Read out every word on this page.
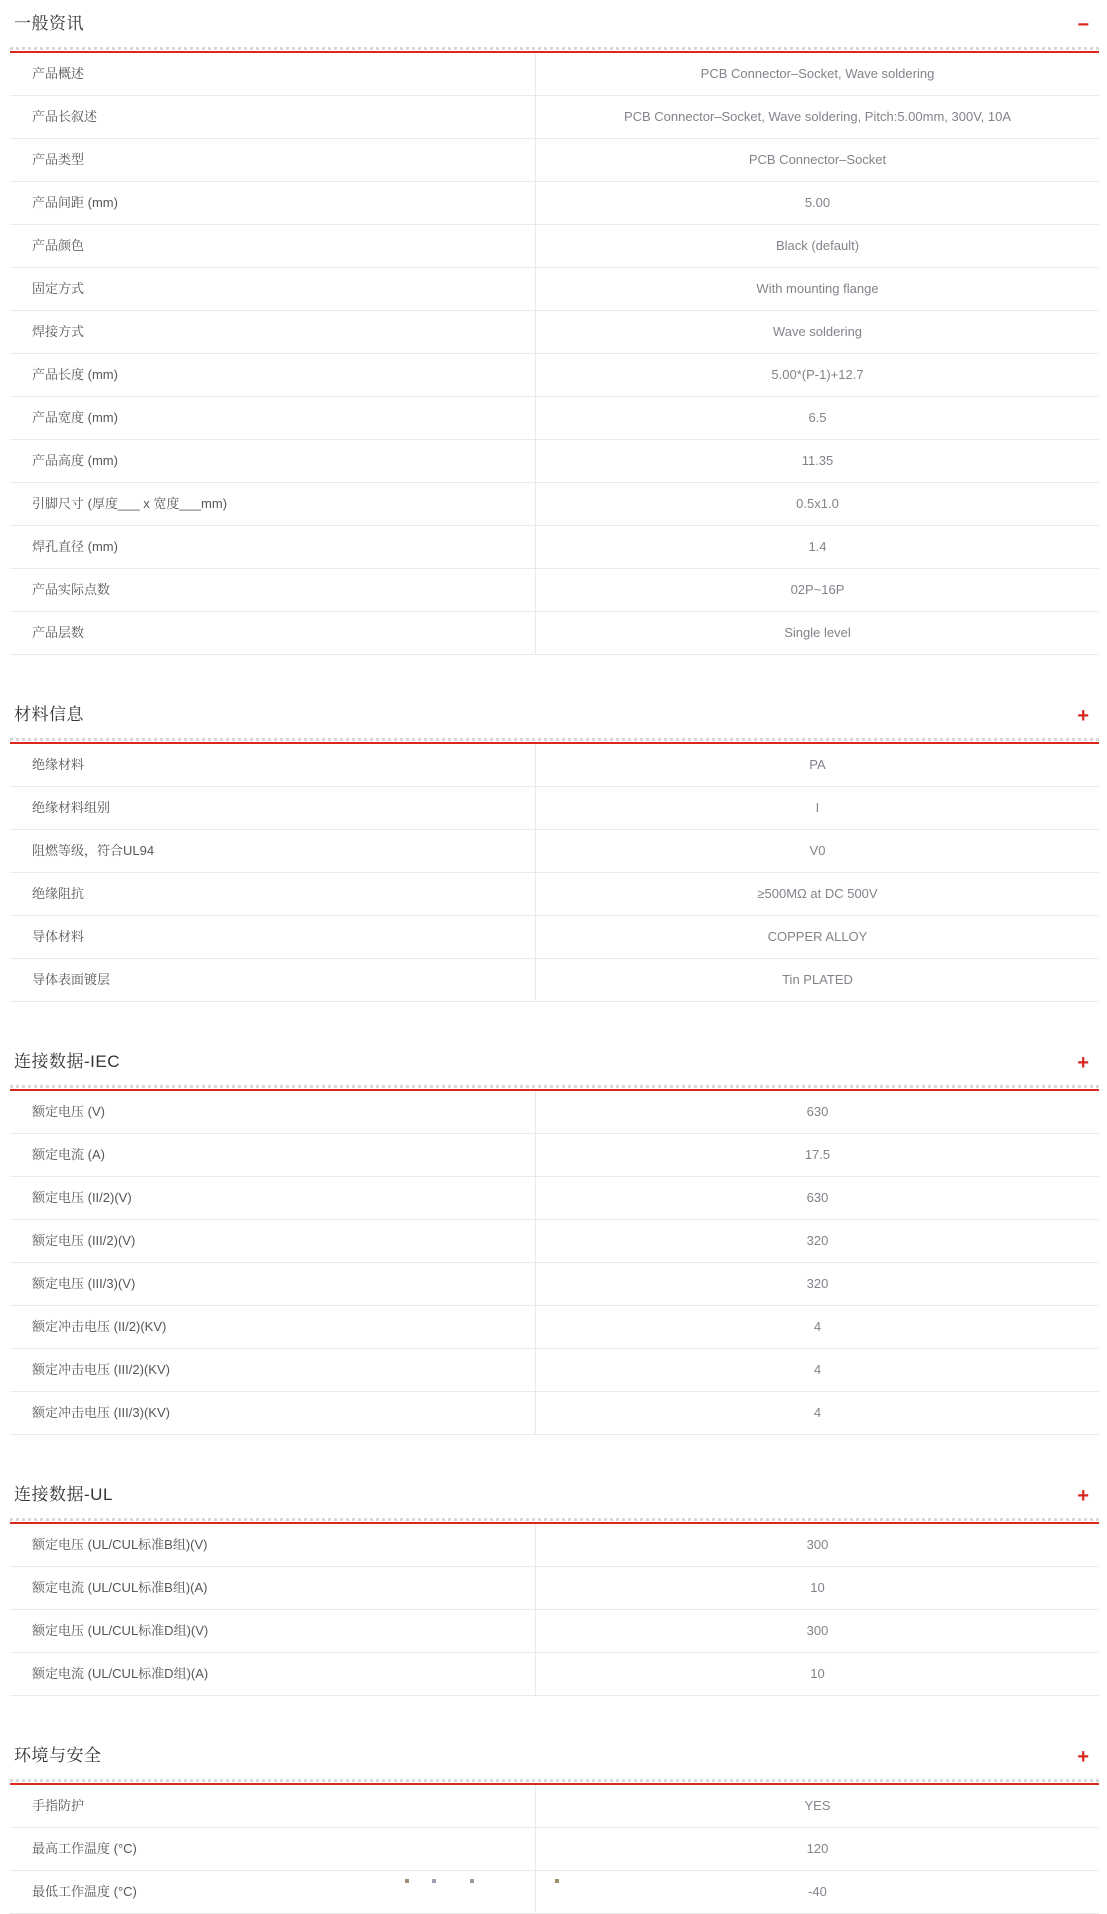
一般资讯	−
产品概述	PCB Connector–Socket, Wave soldering
产品长叙述	PCB Connector–Socket, Wave soldering, Pitch:5.00mm, 300V, 10A
产品类型	PCB Connector–Socket
产品间距 (mm)	5.00
产品颜色	Black (default)
固定方式	With mounting flange
焊接方式	Wave soldering
产品长度 (mm)	5.00*(P-1)+12.7
产品宽度 (mm)	6.5
产品高度 (mm)	11.35
引脚尺寸 (厚度___ x 宽度___mm)	0.5x1.0
焊孔直径 (mm)	1.4
产品实际点数	02P~16P
产品层数	Single level
材料信息	+
绝缘材料	PA
绝缘材料组别	I
阻燃等级，符合UL94	V0
绝缘阻抗	≥500MΩ at DC 500V
导体材料	COPPER ALLOY
导体表面镀层	Tin PLATED
连接数据-IEC	+
额定电压 (V)	630
额定电流 (A)	17.5
额定电压 (II/2)(V)	630
额定电压 (III/2)(V)	320
额定电压 (III/3)(V)	320
额定冲击电压 (II/2)(KV)	4
额定冲击电压 (III/2)(KV)	4
额定冲击电压 (III/3)(KV)	4
连接数据-UL	+
额定电压 (UL/CUL标准B组)(V)	300
额定电流 (UL/CUL标准B组)(A)	10
额定电压 (UL/CUL标准D组)(V)	300
额定电流 (UL/CUL标准D组)(A)	10
环境与安全	+
手指防护	YES
最高工作温度 (°C)	120
最低工作温度 (°C)	-40
